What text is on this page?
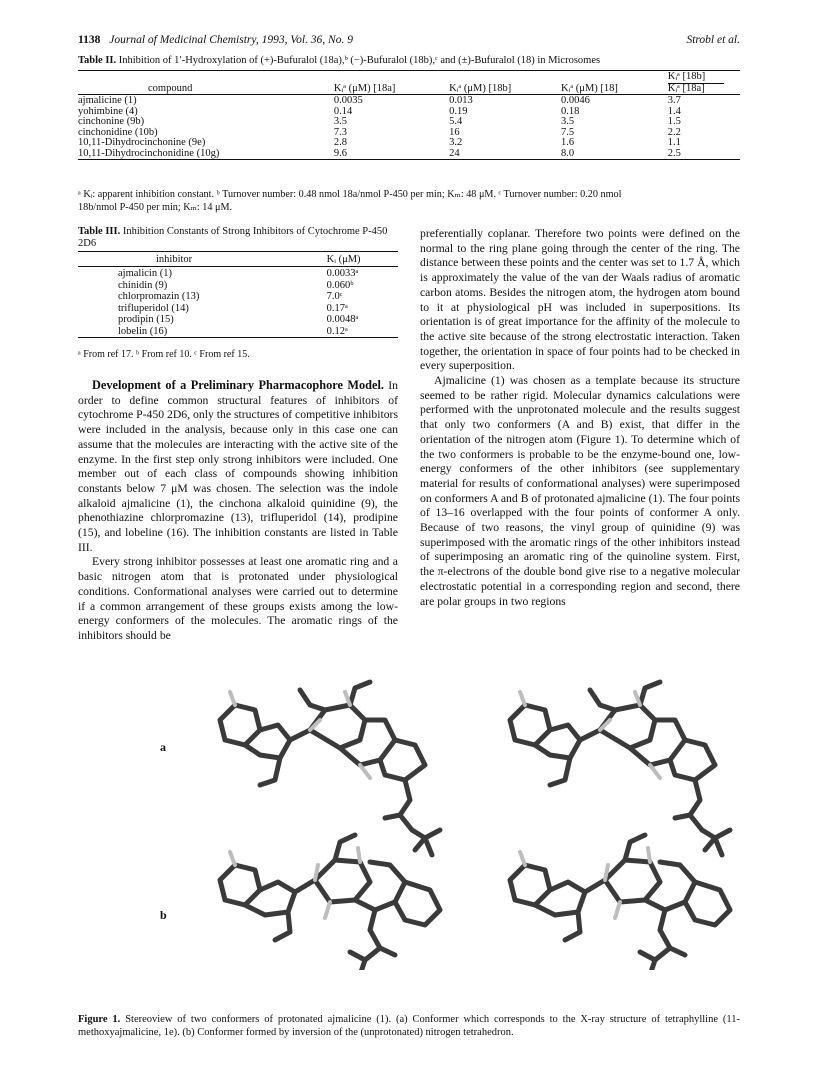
1138 Journal of Medicinal Chemistry, 1993, Vol. 36, No. 9	Strobl et al.
Table II. Inhibition of 1′-Hydroxylation of (+)-Bufuralol (18a),ᵇ (−)-Bufuralol (18b),ᶜ and (±)-Bufuralol (18) in Microsomes

				Kᵢᵃ [18b]

compound	Kᵢᵃ (μM) [18a]	Kᵢᵃ (μM) [18b]	Kᵢᵃ (μM) [18]	Kᵢᵃ [18a]

ajmalicine (1)	0.0035	0.013	0.0046	3.7
yohimbine (4)	0.14	0.19	0.18	1.4
cinchonine (9b)	3.5	5.4	3.5	1.5
cinchonidine (10b)	7.3	16	7.5	2.2
10,11-Dihydrocinchonine (9e)	2.8	3.2	1.6	1.1
10,11-Dihydrocinchonidine (10g)	9.6	24	8.0	2.5

ᵃ Kᵢ: apparent inhibition constant. ᵇ Turnover number: 0.48 nmol 18a/nmol P-450 per min; Kₘ: 48 μM. ᶜ Turnover number: 0.20 nmol
18b/nmol P-450 per min; Kₘ: 14 μM.
Table III. Inhibition Constants of Strong Inhibitors of Cytochrome P-450 2D6

inhibitor	Kᵢ (μM)

ajmalicin (1)	0.0033ᵃ
chinidin (9)	0.060ᵇ
chlorpromazin (13)	7.0ᶜ
trifluperidol (14)	0.17ᵃ
prodipin (15)	0.0048ᵃ
lobelin (16)	0.12ᵃ

ᵃ From ref 17. ᵇ From ref 10. ᶜ From ref 15.

Development of a Preliminary Pharmacophore Model. In order to define common structural features of inhibitors of cytochrome P-450 2D6, only the structures of competitive inhibitors were included in the analysis, because only in this case one can assume that the molecules are interacting with the active site of the enzyme. In the first step only strong inhibitors were included. One member out of each class of compounds showing inhibition constants below 7 μM was chosen. The selection was the indole alkaloid ajmalicine (1), the cinchona alkaloid quinidine (9), the phenothiazine chlorpromazine (13), trifluperidol (14), prodipine (15), and lobeline (16). The inhibition constants are listed in Table III.

Every strong inhibitor possesses at least one aromatic ring and a basic nitrogen atom that is protonated under physiological conditions. Conformational analyses were carried out to determine if a common arrangement of these groups exists among the low-energy conformers of the molecules. The aromatic rings of the inhibitors should be

preferentially coplanar. Therefore two points were defined on the normal to the ring plane going through the center of the ring. The distance between these points and the center was set to 1.7 Å, which is approximately the value of the van der Waals radius of aromatic carbon atoms. Besides the nitrogen atom, the hydrogen atom bound to it at physiological pH was included in superpositions. Its orientation is of great importance for the affinity of the molecule to the active site because of the strong electrostatic interaction. Taken together, the orientation in space of four points had to be checked in every superposition.

Ajmalicine (1) was chosen as a template because its structure seemed to be rather rigid. Molecular dynamics calculations were performed with the unprotonated molecule and the results suggest that only two conformers (A and B) exist, that differ in the orientation of the nitrogen atom (Figure 1). To determine which of the two conformers is probable to be the enzyme-bound one, low-energy conformers of the other inhibitors (see supplementary material for results of conformational analyses) were superimposed on conformers A and B of protonated ajmalicine (1). The four points of 13–16 overlapped with the four points of conformer A only. Because of two reasons, the vinyl group of quinidine (9) was superimposed with the aromatic rings of the other inhibitors instead of superimposing an aromatic ring of the quinoline system. First, the π-electrons of the double bond give rise to a negative molecular electrostatic potential in a corresponding region and second, there are polar groups in two regions

a
b
Figure 1. Stereoview of two conformers of protonated ajmalicine (1). (a) Conformer which corresponds to the X-ray structure of tetraphylline (11-methoxyajmalicine, 1e). (b) Conformer formed by inversion of the (unprotonated) nitrogen tetrahedron.
